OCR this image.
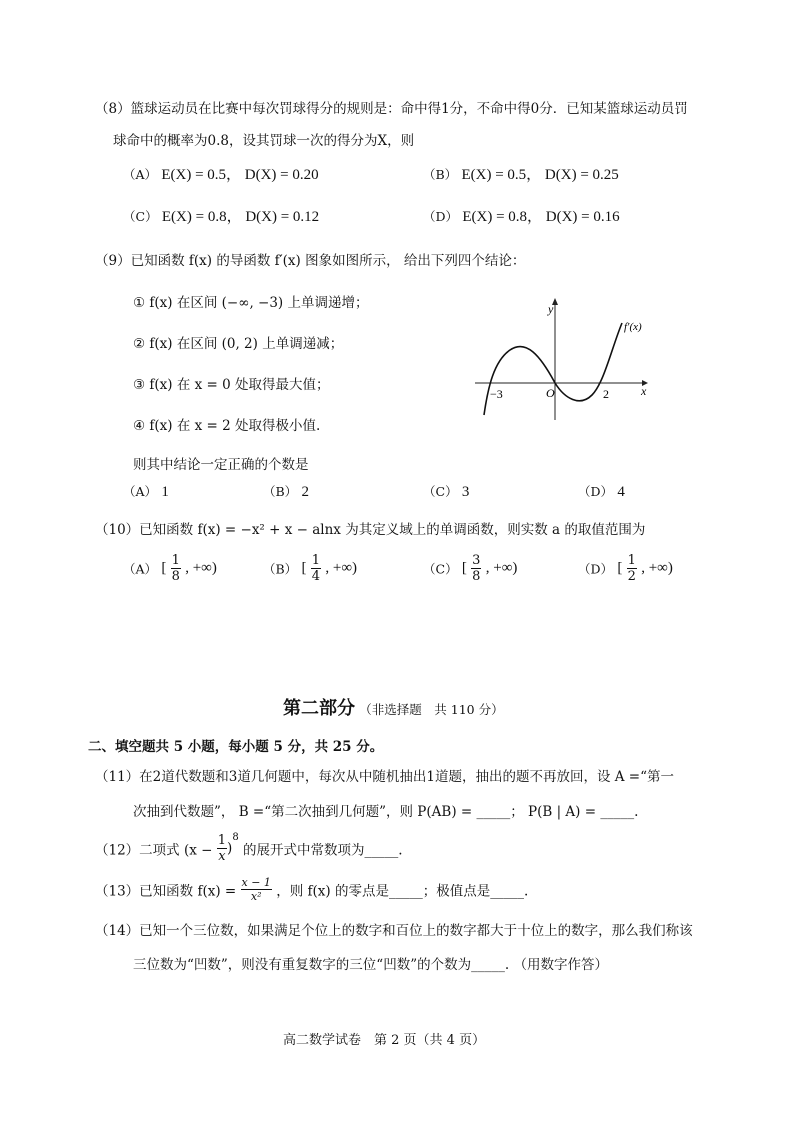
（8）篮球运动员在比赛中每次罚球得分的规则是：命中得1分，不命中得0分．已知某篮球运动员罚
球命中的概率为0.8，设其罚球一次的得分为X，则
（A） E(X) = 0.5， D(X) = 0.20	（B） E(X) = 0.5， D(X) = 0.25
（C） E(X) = 0.8， D(X) = 0.12	（D） E(X) = 0.8， D(X) = 0.16
（9）已知函数 f(x) 的导函数 f′(x) 图象如图所示， 给出下列四个结论：
① f(x) 在区间 (−∞, −3) 上单调递增；
② f(x) 在区间 (0, 2) 上单调递减；
③ f(x) 在 x = 0 处取得最大值；
④ f(x) 在 x = 2 处取得极小值.
则其中结论一定正确的个数是
y
x
O
−3	2
f′(x)
（A） 1	（B） 2	（C） 3	（D） 4
（10）已知函数 f(x) = −x² + x − alnx 为其定义域上的单调函数，则实数 a 的取值范围为
（A） [ $\frac{1}{8}$ , +∞)	（B） [ $\frac{1}{4}$ , +∞)	（C） [ $\frac{3}{8}$ , +∞)	（D） [ $\frac{1}{2}$ , +∞)
第二部分 （非选择题　共 110 分）
二、填空题共 5 小题，每小题 5 分，共 25 分。
（11）在2道代数题和3道几何题中，每次从中随机抽出1道题，抽出的题不再放回，设 A =“第一
次抽到代数题”， B =“第二次抽到几何题”，则 P(AB) = _____； P(B | A) = _____.
（12）二项式 $(x - \frac{1}{x} )^8$ 的展开式中常数项为_____.
（13）已知函数 $f(x) = \frac{x - 1}{\text{x²}}$ ，则 f(x) 的零点是_____；极值点是_____.
（14）已知一个三位数，如果满足个位上的数字和百位上的数字都大于十位上的数字，那么我们称该
三位数为“凹数”，则没有重复数字的三位“凹数”的个数为_____. （用数字作答）
高二数学试卷　第 2 页（共 4 页）
